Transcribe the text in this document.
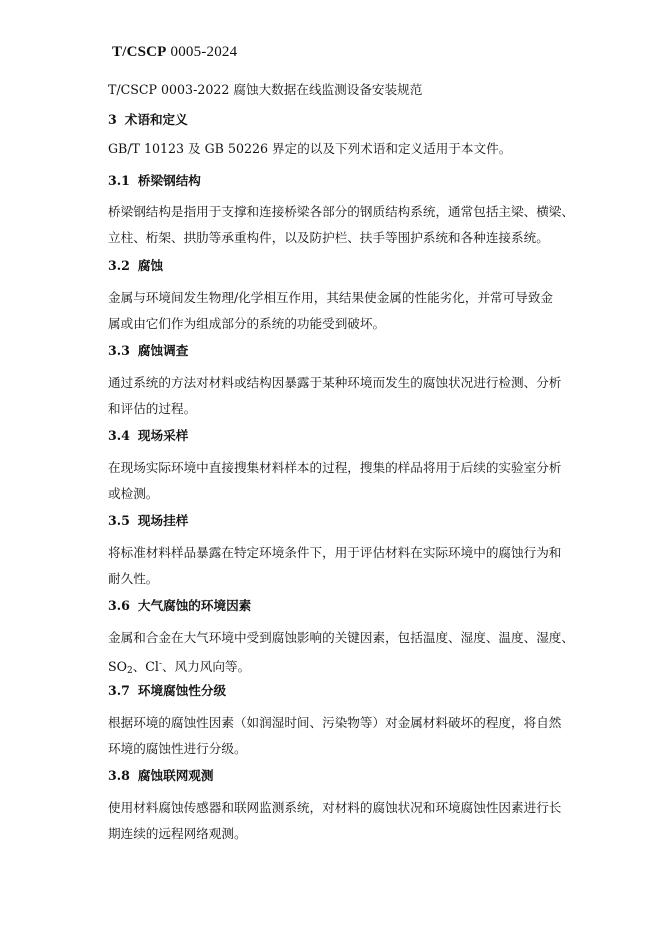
T/CSCP 0005-2024
T/CSCP 0003-2022 腐蚀大数据在线监测设备安装规范
3 术语和定义
GB/T 10123 及 GB 50226 界定的以及下列术语和定义适用于本文件。
3.1 桥梁钢结构
桥梁钢结构是指用于支撑和连接桥梁各部分的钢质结构系统，通常包括主梁、横梁、
立柱、桁架、拱肋等承重构件，以及防护栏、扶手等围护系统和各种连接系统。
3.2 腐蚀
金属与环境间发生物理/化学相互作用，其结果使金属的性能劣化，并常可导致金
属或由它们作为组成部分的系统的功能受到破坏。
3.3 腐蚀调查
通过系统的方法对材料或结构因暴露于某种环境而发生的腐蚀状况进行检测、分析
和评估的过程。
3.4 现场采样
在现场实际环境中直接搜集材料样本的过程，搜集的样品将用于后续的实验室分析
或检测。
3.5 现场挂样
将标准材料样品暴露在特定环境条件下，用于评估材料在实际环境中的腐蚀行为和
耐久性。
3.6 大气腐蚀的环境因素
金属和合金在大气环境中受到腐蚀影响的关键因素，包括温度、湿度、温度、湿度、
$SO_2$、Cl-、风力风向等。
3.7 环境腐蚀性分级
根据环境的腐蚀性因素（如润湿时间、污染物等）对金属材料破坏的程度，将自然
环境的腐蚀性进行分级。
3.8 腐蚀联网观测
使用材料腐蚀传感器和联网监测系统，对材料的腐蚀状况和环境腐蚀性因素进行长
期连续的远程网络观测。
